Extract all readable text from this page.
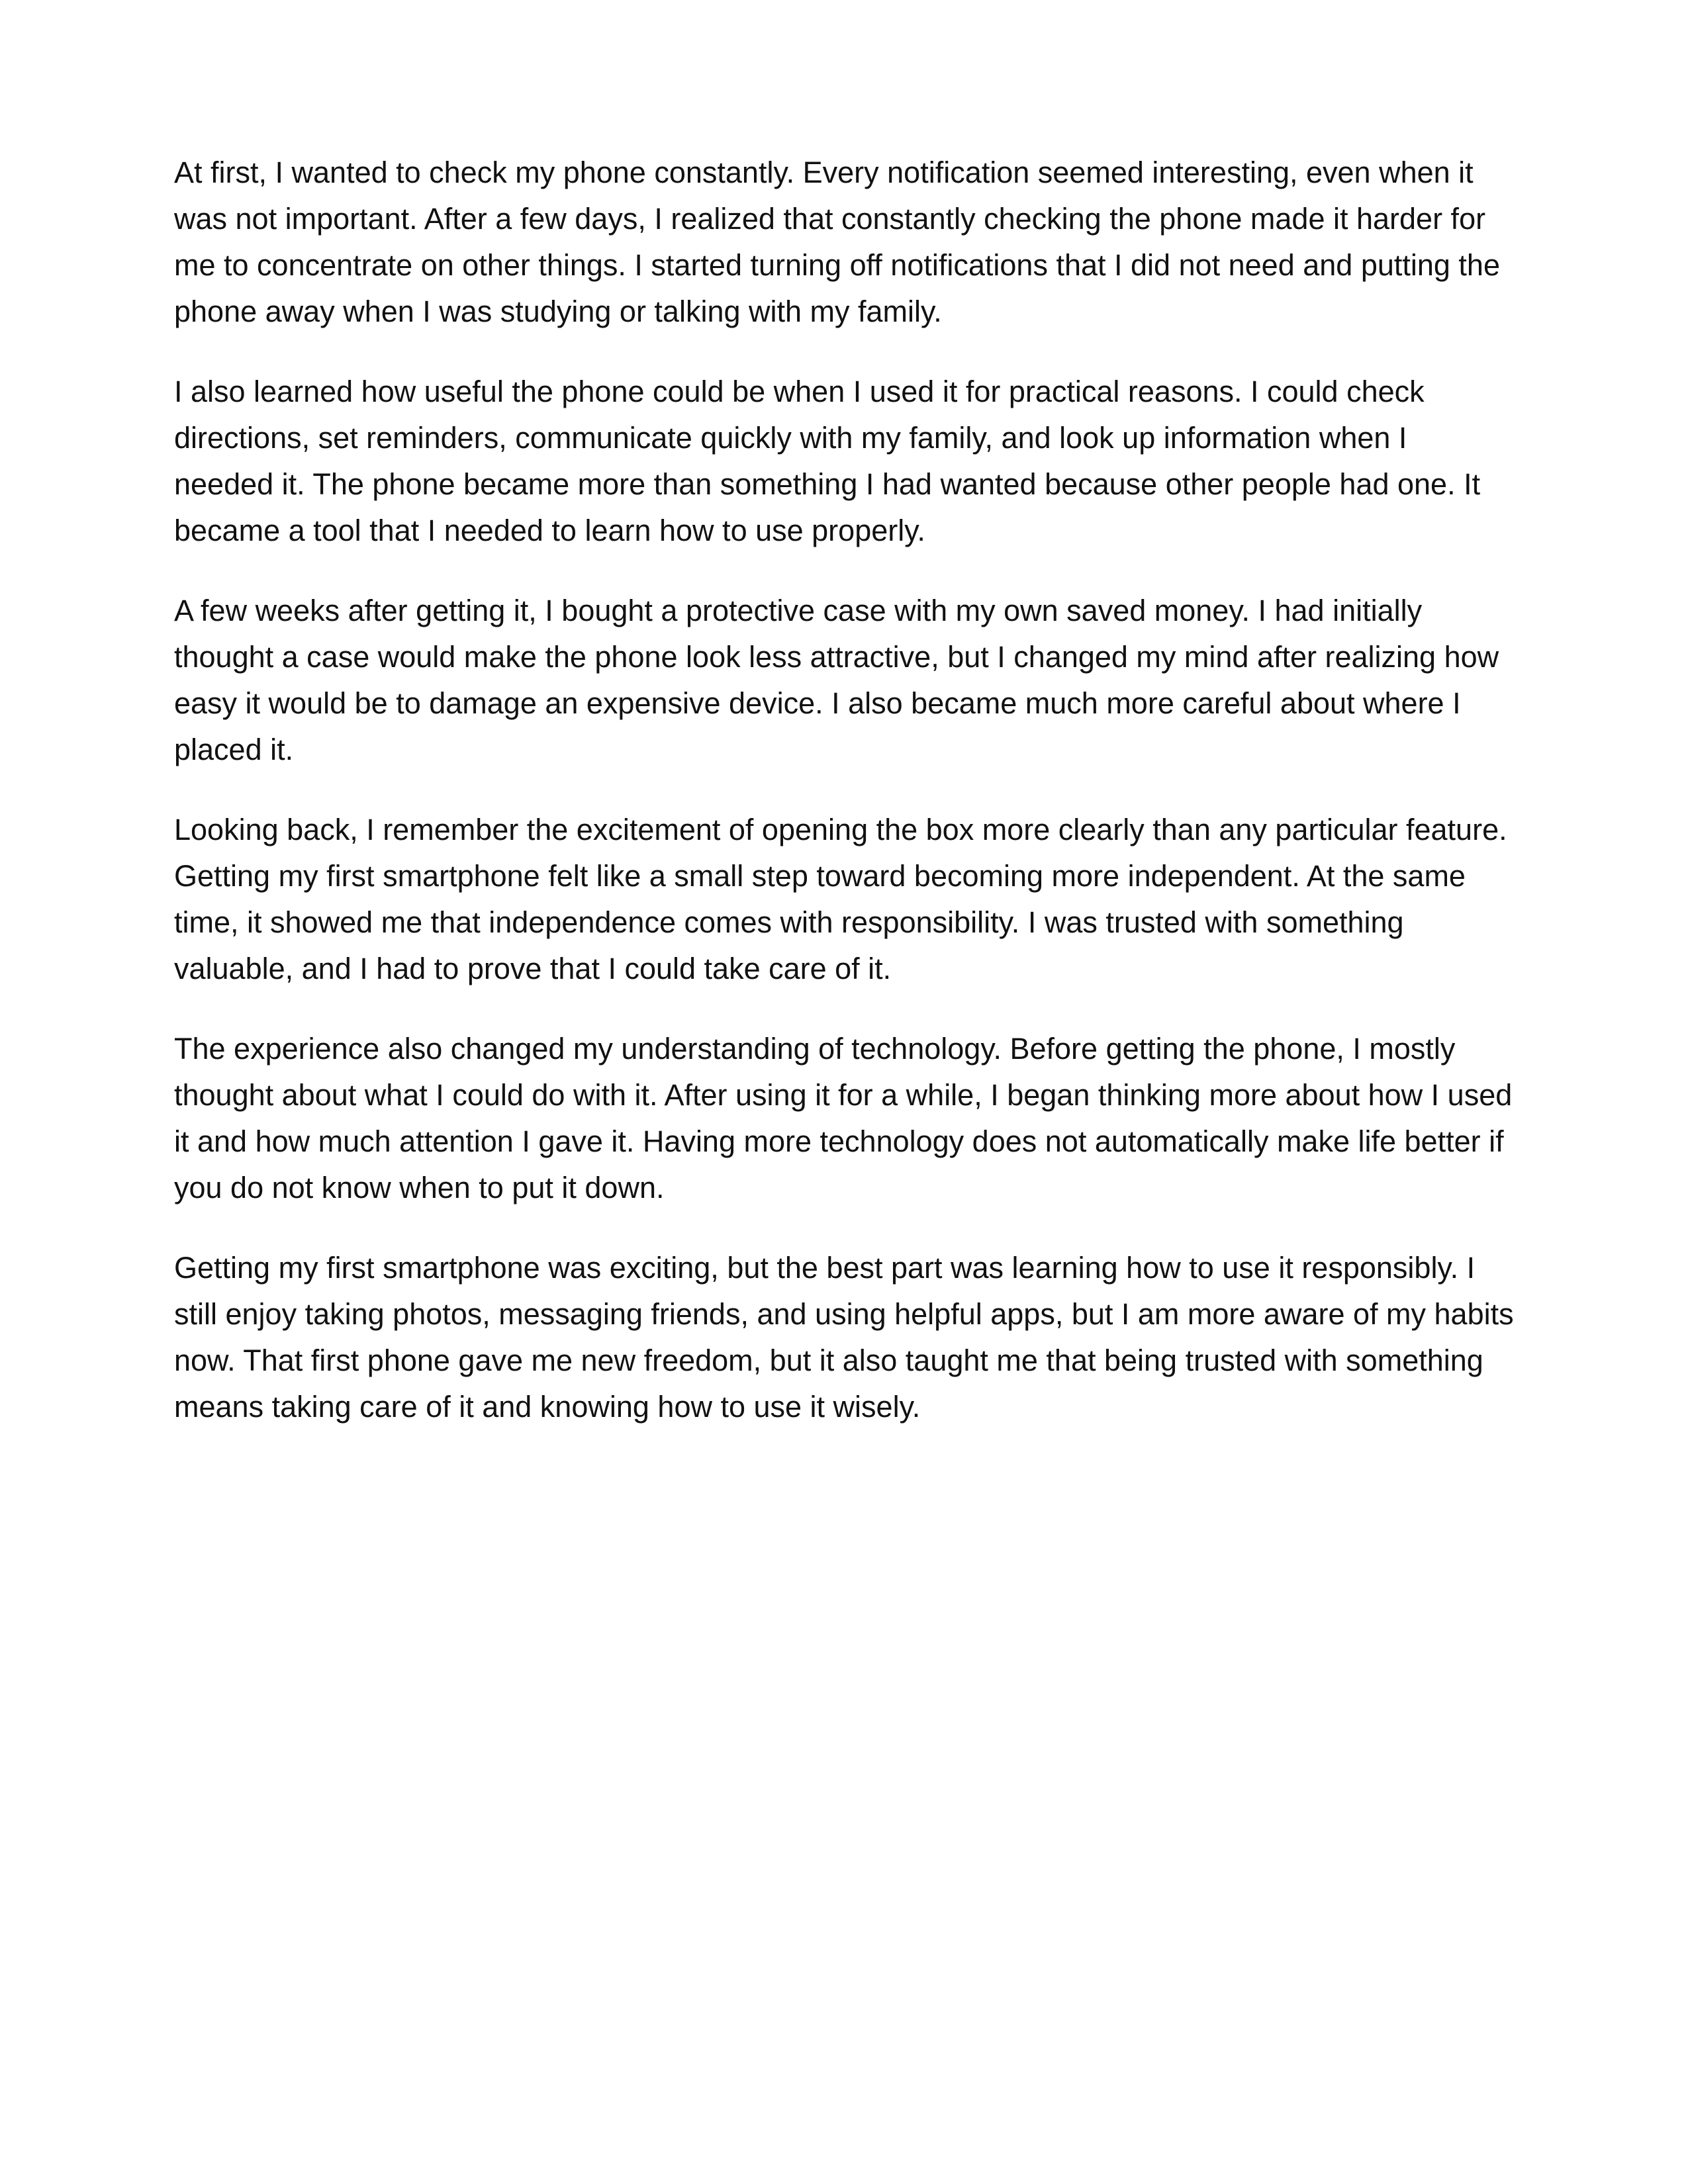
At first, I wanted to check my phone constantly. Every notification seemed interesting, even when it was not important. After a few days, I realized that constantly checking the phone made it harder for me to concentrate on other things. I started turning off notifications that I did not need and putting the phone away when I was studying or talking with my family.

I also learned how useful the phone could be when I used it for practical reasons. I could check directions, set reminders, communicate quickly with my family, and look up information when I needed it. The phone became more than something I had wanted because other people had one. It became a tool that I needed to learn how to use properly.

A few weeks after getting it, I bought a protective case with my own saved money. I had initially thought a case would make the phone look less attractive, but I changed my mind after realizing how easy it would be to damage an expensive device. I also became much more careful about where I placed it.

Looking back, I remember the excitement of opening the box more clearly than any particular feature. Getting my first smartphone felt like a small step toward becoming more independent. At the same time, it showed me that independence comes with responsibility. I was trusted with something valuable, and I had to prove that I could take care of it.

The experience also changed my understanding of technology. Before getting the phone, I mostly thought about what I could do with it. After using it for a while, I began thinking more about how I used it and how much attention I gave it. Having more technology does not automatically make life better if you do not know when to put it down.

Getting my first smartphone was exciting, but the best part was learning how to use it responsibly. I still enjoy taking photos, messaging friends, and using helpful apps, but I am more aware of my habits now. That first phone gave me new freedom, but it also taught me that being trusted with something means taking care of it and knowing how to use it wisely.
